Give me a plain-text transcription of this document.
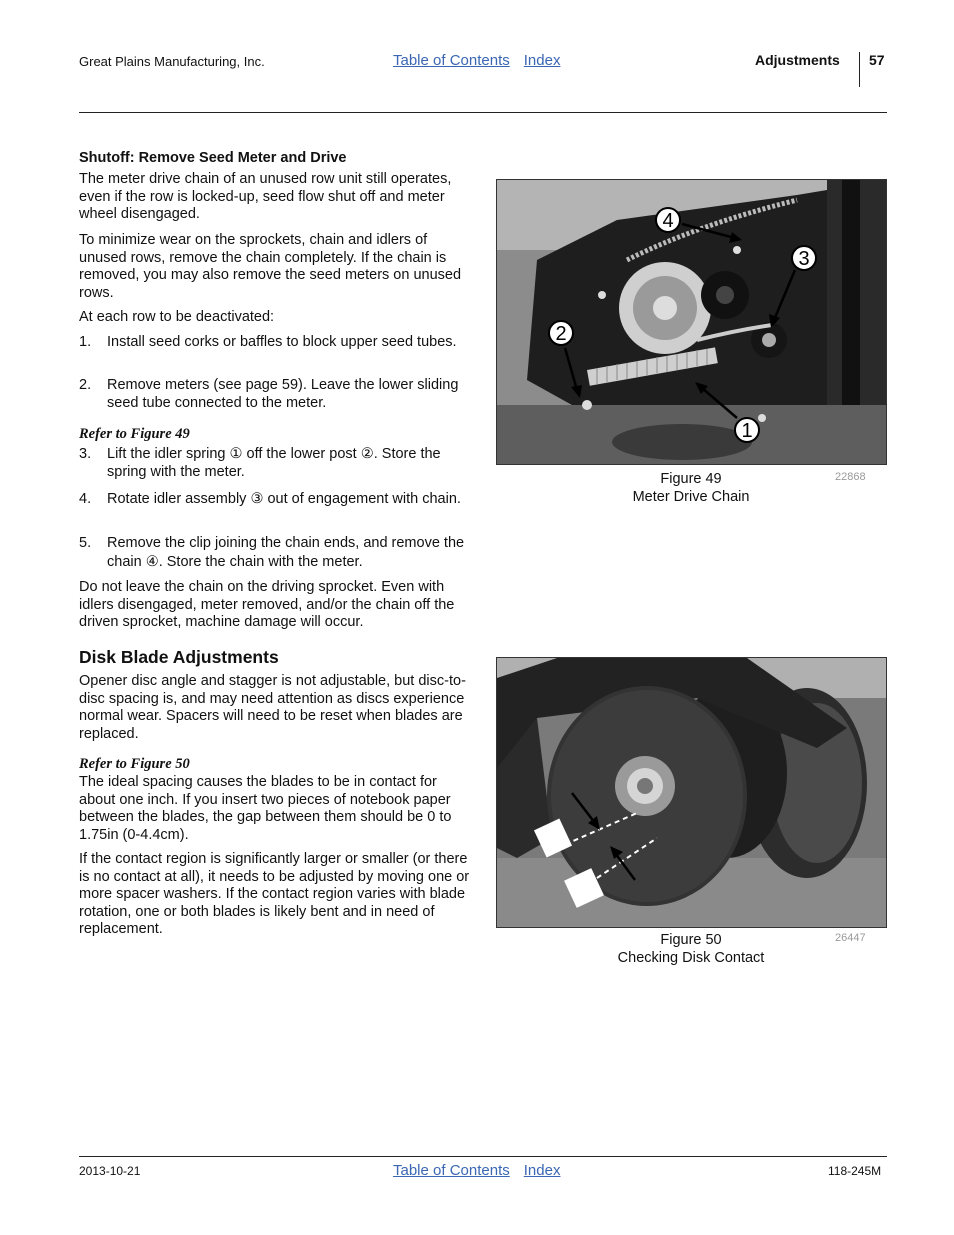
Great Plains Manufacturing, Inc.	Table of Contents Index	Adjustments 57
Shutoff: Remove Seed Meter and Drive

The meter drive chain of an unused row unit still operates, even if the row is locked-up, seed flow shut off and meter wheel disengaged.

To minimize wear on the sprockets, chain and idlers of unused rows, remove the chain completely. If the chain is removed, you may also remove the seed meters on unused rows.

At each row to be deactivated:

1. Install seed corks or baffles to block upper seed tubes.
2. Remove meters (see page 59). Leave the lower sliding seed tube connected to the meter.
Refer to Figure 49
3. Lift the idler spring ① off the lower post ②. Store the spring with the meter.
4. Rotate idler assembly ③ out of engagement with chain.
5. Remove the clip joining the chain ends, and remove the chain ④. Store the chain with the meter.

Do not leave the chain on the driving sprocket. Even with idlers disengaged, meter removed, and/or the chain off the driven sprocket, machine damage will occur.

Disk Blade Adjustments

Opener disc angle and stagger is not adjustable, but disc-to-disc spacing is, and may need attention as discs experience normal wear. Spacers will need to be reset when blades are replaced.

Refer to Figure 50

The ideal spacing causes the blades to be in contact for about one inch. If you insert two pieces of notebook paper between the blades, the gap between them should be 0 to 1.75in (0-4.4cm).

If the contact region is significantly larger or smaller (or there is no contact at all), it needs to be adjusted by moving one or more spacer washers. If the contact region varies with blade rotation, one or both blades is likely bent and in need of replacement.

4
3
2
1
Figure 49
Meter Drive Chain
22868
Figure 50
Checking Disk Contact
26447
2013-10-21	Table of Contents Index	118-245M
